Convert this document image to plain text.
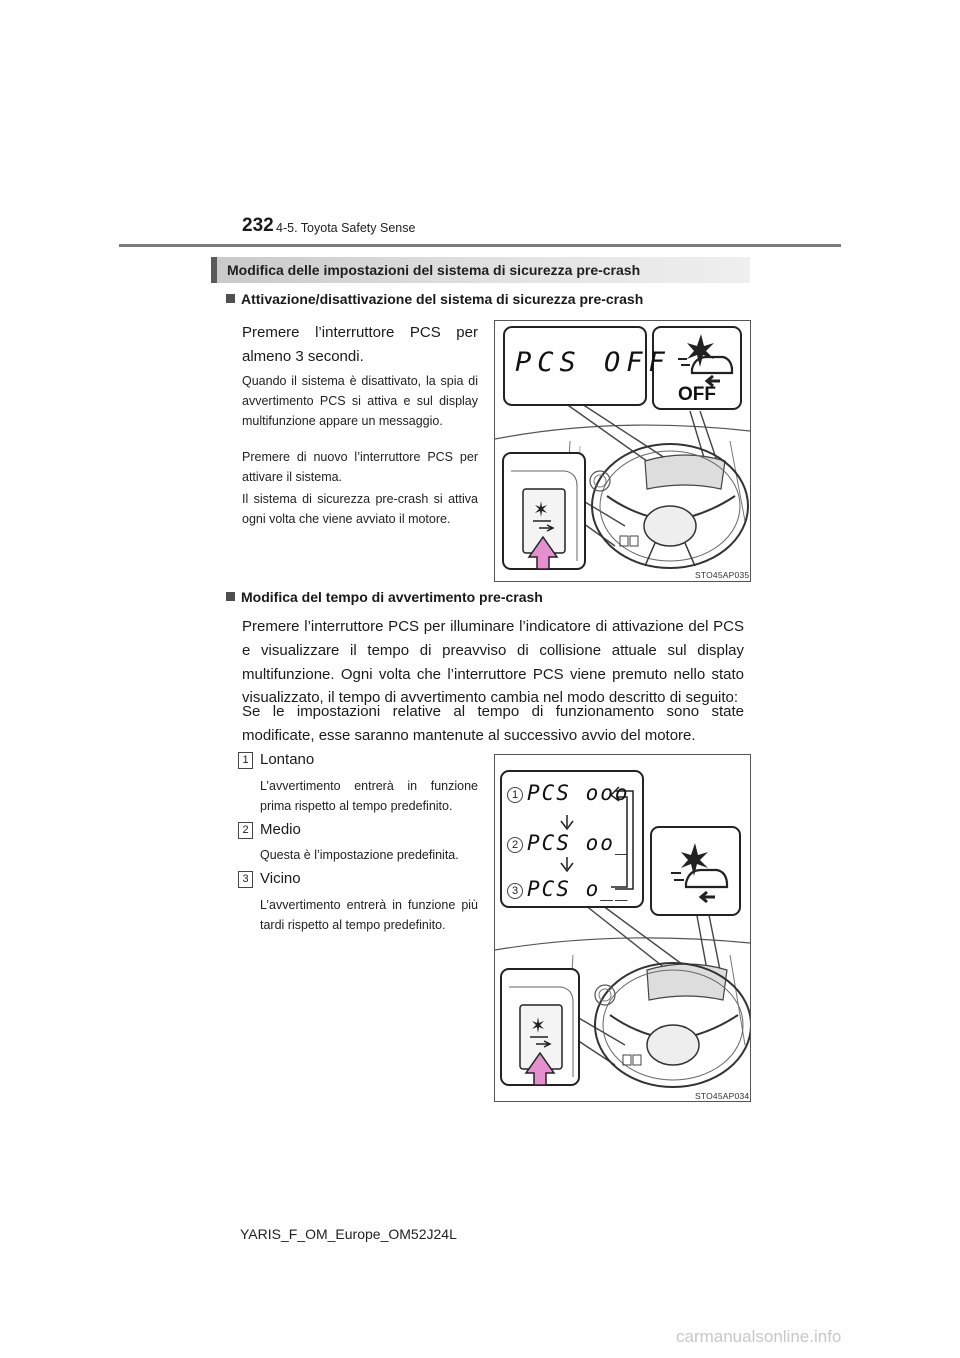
232 4-5. Toyota Safety Sense
Modifica delle impostazioni del sistema di sicurezza pre-crash
Attivazione/disattivazione del sistema di sicurezza pre-crash
Premere l’interruttore PCS per almeno 3 secondi.
Quando il sistema è disattivato, la spia di avvertimento PCS si attiva e sul display multifunzione appare un messaggio.
Premere di nuovo l’interruttore PCS per attivare il sistema.
Il sistema di sicurezza pre-crash si attiva ogni volta che viene avviato il motore.
OFF
PCS OFF
STO45AP035
Modifica del tempo di avvertimento pre-crash
Premere l’interruttore PCS per illuminare l’indicatore di attivazione del PCS e visualizzare il tempo di preavviso di collisione attuale sul display multifunzione. Ogni volta che l’interruttore PCS viene premuto nello stato visualizzato, il tempo di avvertimento cambia nel modo descritto di seguito:
Se le impostazioni relative al tempo di funzionamento sono state modificate, esse saranno mantenute al successivo avvio del motore.
1 Lontano
L’avvertimento entrerà in funzione prima rispetto al tempo predefinito.
2 Medio
Questa è l’impostazione predefinita.
3 Vicino
L’avvertimento entrerà in funzione più tardi rispetto al tempo predefinito.
1 PCS ooo
2 PCS oo_
3 PCS o__
STO45AP034
YARIS_F_OM_Europe_OM52J24L
carmanualsonline.info
